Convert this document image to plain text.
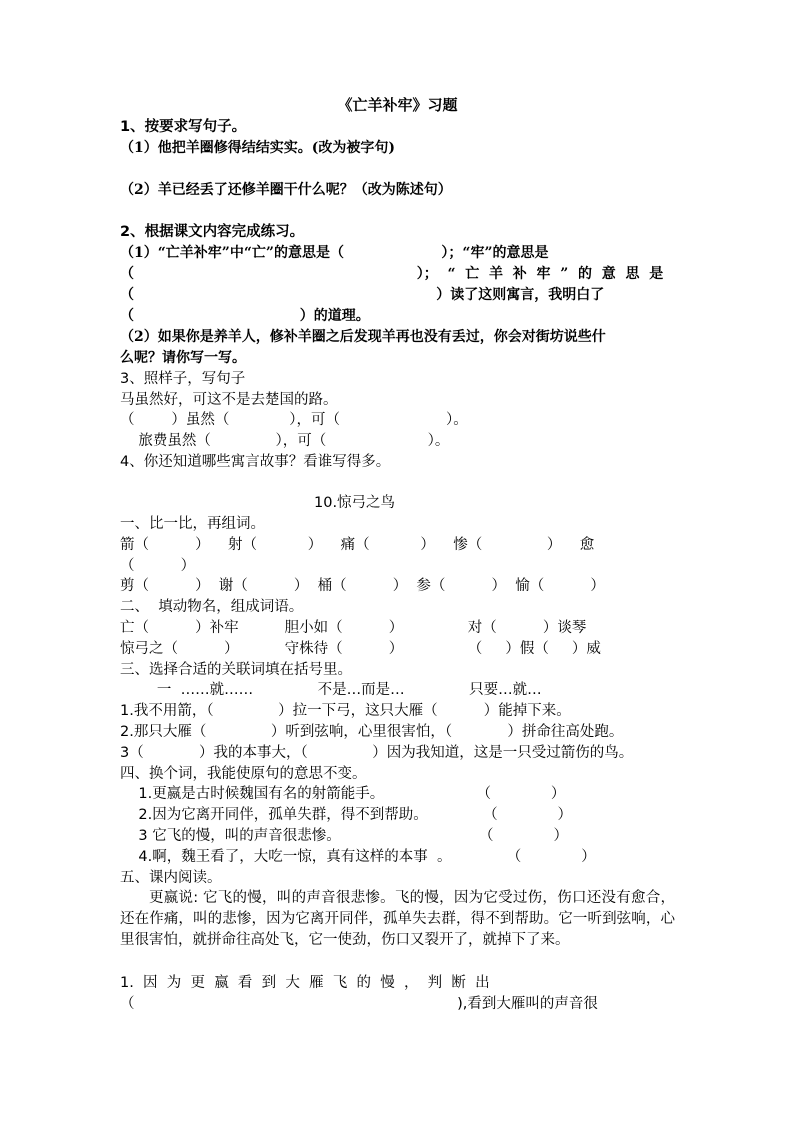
《亡羊补牢》习题
1、按要求写句子。
（1）他把羊圈修得结结实实。(改为被字句)
（2）羊已经丢了还修羊圈干什么呢？（改为陈述句）
2、根据课文内容完成练习。
（1）“亡羊补牢”中“亡”的意思是（                    ）；“牢”的意思是
（                                                          ）；  “  亡  羊  补  牢  ”  的  意  思  是
（                                                              ）读了这则寓言，我明白了
（                                  ）的道理。
（2）如果你是养羊人，修补羊圈之后发现羊再也没有丢过，你会对街坊说些什
么呢？请你写一写。
3、照样子，写句子
马虽然好，可这不是去楚国的路。
（        ）虽然（             ），可（                       ）。
旅费虽然（              ），可（                      ）。
4、你还知道哪些寓言故事？看谁写得多。
10.惊弓之鸟
一、比一比，再组词。
箭（          ）    射（           ）    痛（           ）    惨（              ）    愈
（          ）
剪（          ）  谢（          ）  桶（          ）  参（          ）  愉（          ）
二、  填动物名，组成词语。
亡（          ）补牢          胆小如（          ）              对（          ）谈琴
惊弓之（          ）          守株待（          ）              （     ）假（     ）威
三、选择合适的关联词填在括号里。
一  ……就……              不是…而是…              只要…就…
1.我不用箭，（              ）拉一下弓，这只大雁（          ）能掉下来。
2.那只大雁（              ）听到弦响，心里很害怕，（            ）拼命往高处跑。
3（            ）我的本事大，（              ）因为我知道，这是一只受过箭伤的鸟。
四、换个词，我能使原句的意思不变。
1.更嬴是古时候魏国有名的射箭能手。                    （             ）
2.因为它离开同伴，孤单失群，得不到帮助。            （             ）
3 它飞的慢，叫的声音很悲惨。                              （             ）
4.啊，魏王看了，大吃一惊，真有这样的本事  。            （             ）
五、课内阅读。
更嬴说: 它飞的慢，叫的声音很悲惨。飞的慢，因为它受过伤，伤口还没有愈合，还在作痛，叫的悲惨，因为它离开同伴，孤单失去群，得不到帮助。它一听到弦响，心里很害怕，就拼命往高处飞，它一使劲，伤口又裂开了，就掉下了来。
1.  因  为  更  嬴  看  到  大  雁  飞  的  慢  ，  判  断  出
（                                                                      ),看到大雁叫的声音很
